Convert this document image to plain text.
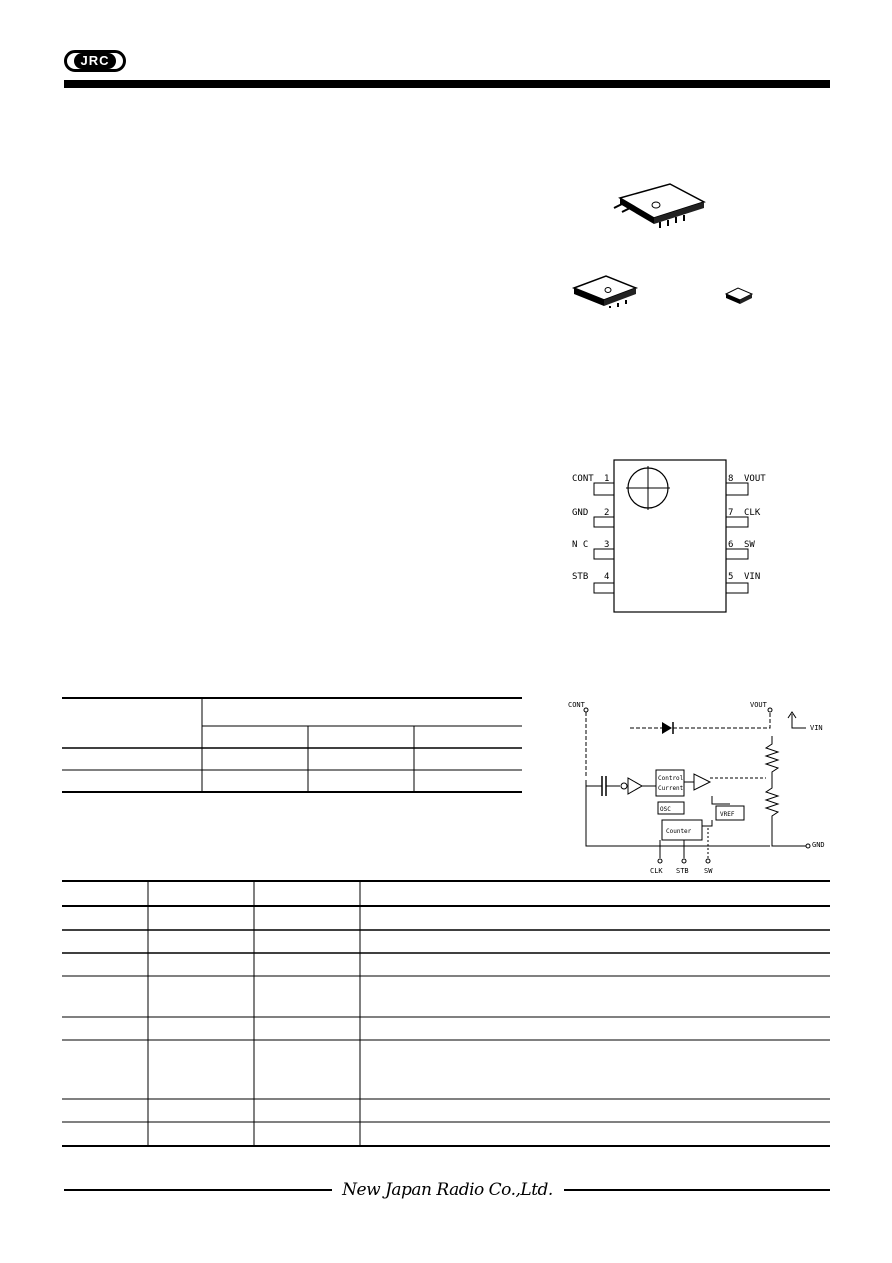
JRC
CONT 1
GND 2
N C 3
STB 4
8 VOUT
7 CLK
6 SW
5 VIN
CONT	VOUT
VIN
GND
CLK STB SW
Control
Current
OSC
VREF
Counter
New Japan Radio Co.,Ltd.
